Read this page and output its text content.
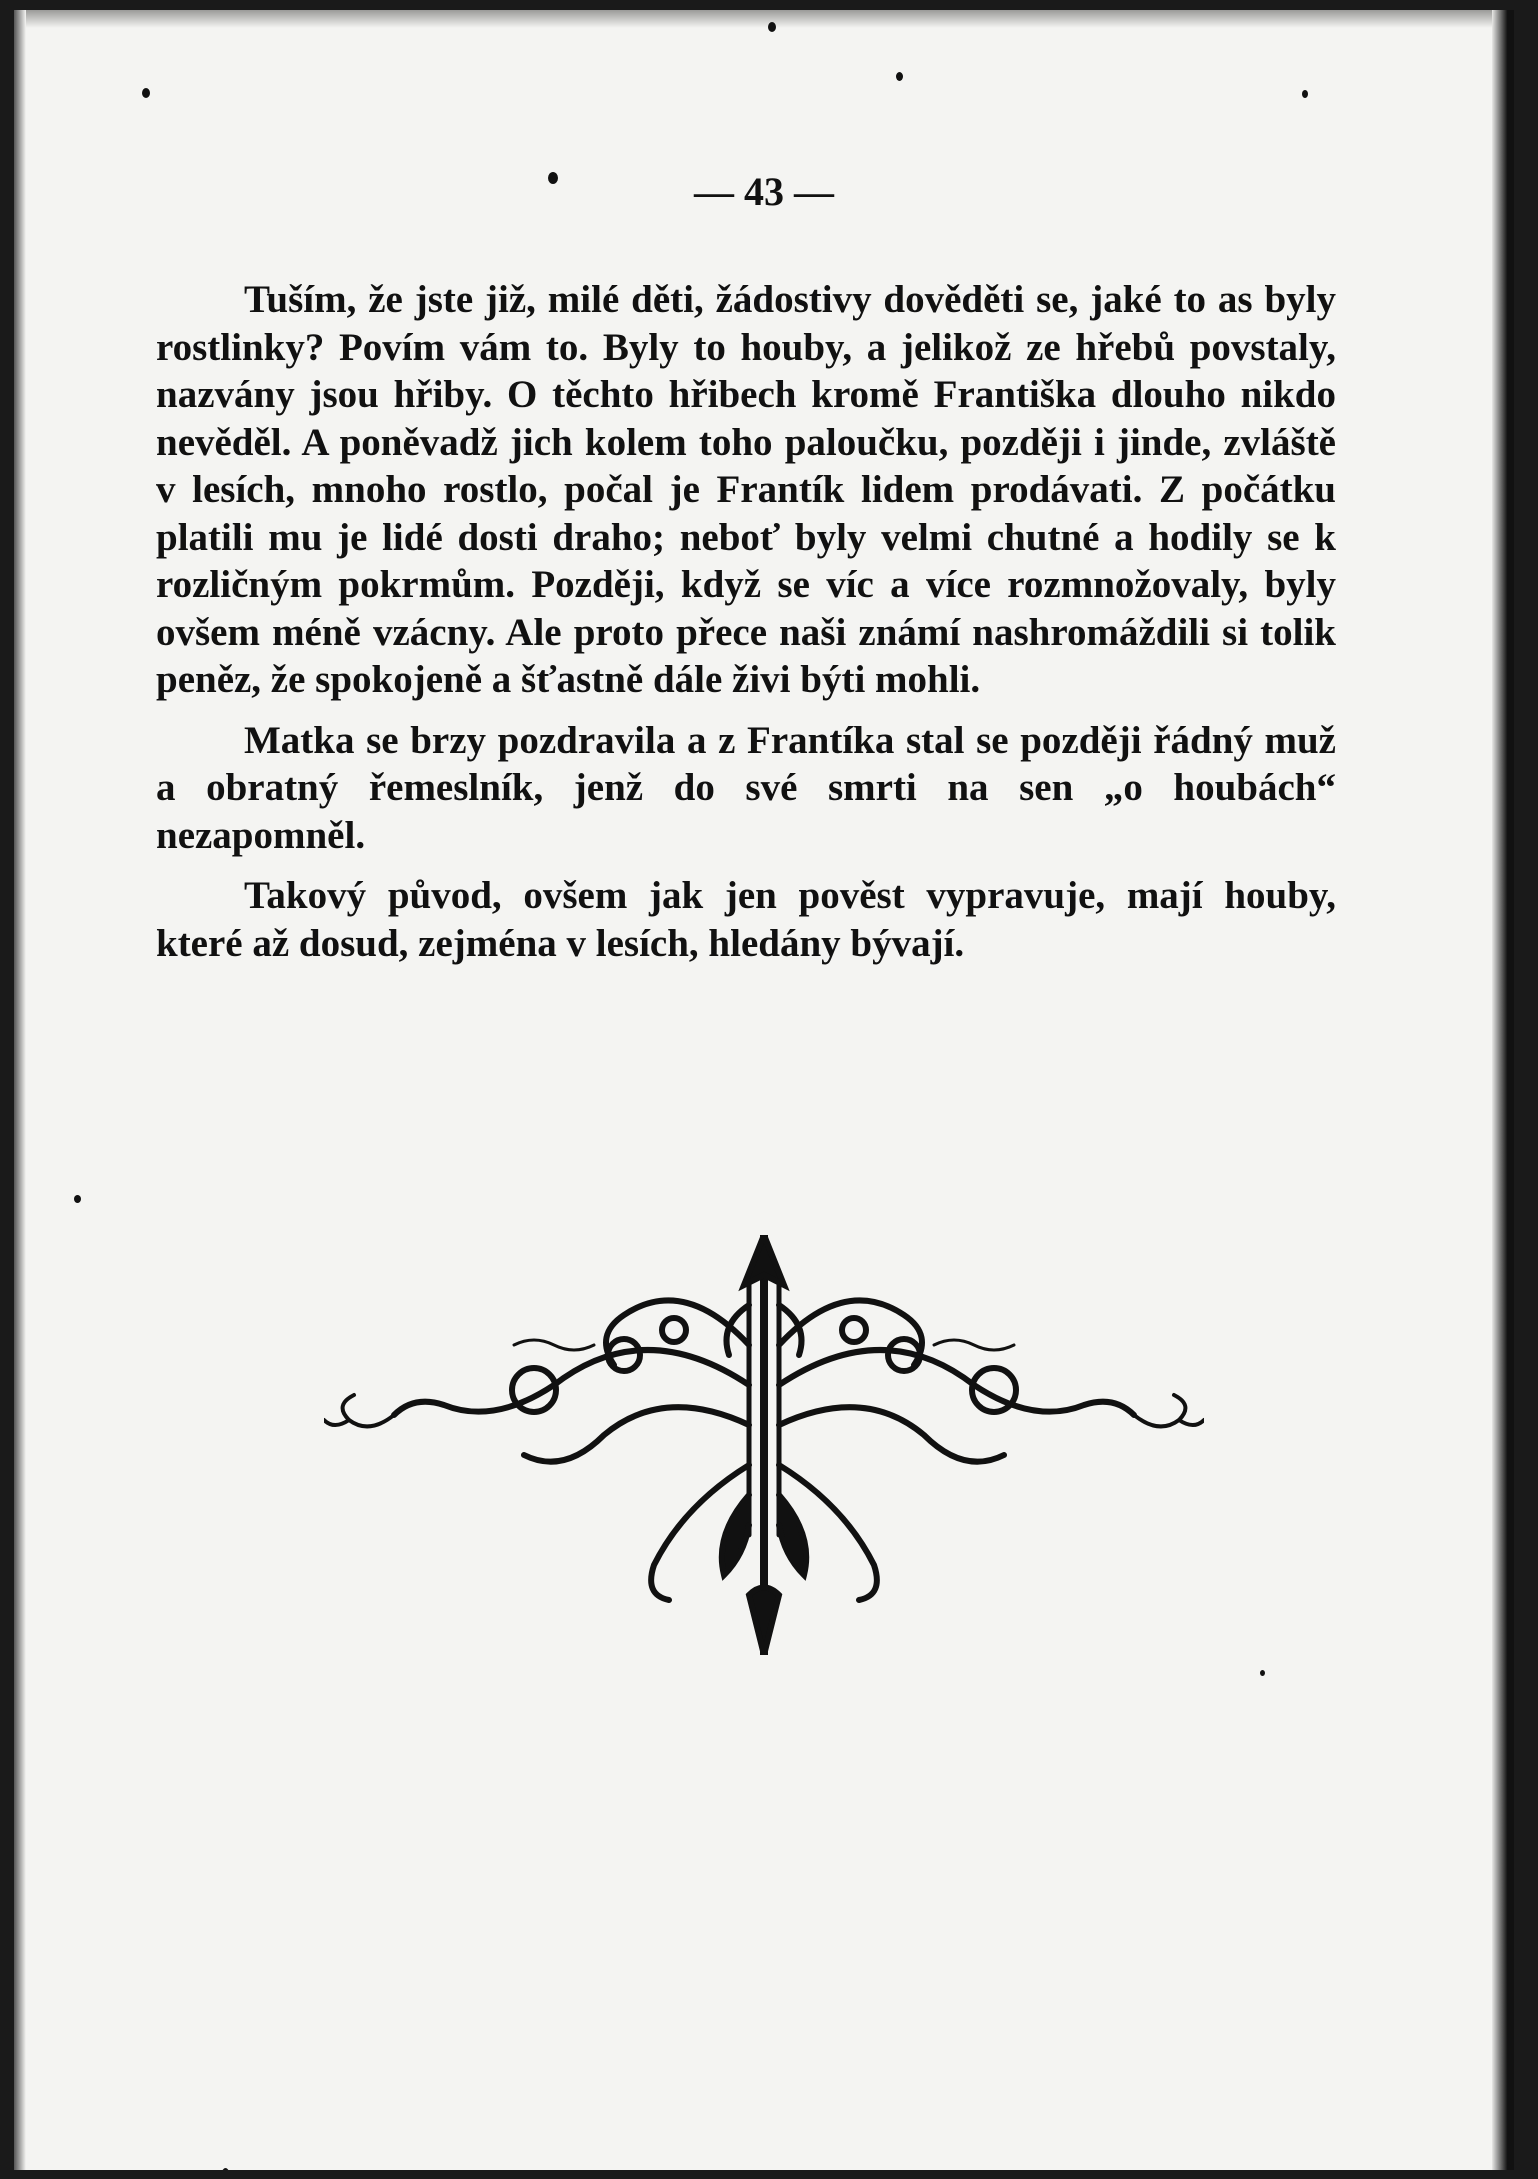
— 43 —

Tuším, že jste již, milé děti, žádostivy dověděti se, jaké to as byly rostlinky? Povím vám to. Byly to houby, a jelikož ze hřebů povstaly, nazvány jsou hřiby. O těchto hřibech kromě Františka dlouho nikdo nevěděl. A poněvadž jich kolem toho paloučku, později i jinde, zvláště v lesích, mnoho rostlo, počal je Frantík lidem prodávati. Z počátku platili mu je lidé dosti draho; neboť byly velmi chutné a hodily se k rozličným pokrmům. Později, když se víc a více rozmnožovaly, byly ovšem méně vzácny. Ale proto přece naši známí nashromáždili si tolik peněz, že spokojeně a šťastně dále živi býti mohli.

Matka se brzy pozdravila a z Frantíka stal se později řádný muž a obratný řemeslník, jenž do své smrti na sen „o houbách“ nezapomněl.

Takový původ, ovšem jak jen pověst vypravuje, mají houby, které až dosud, zejména v lesích, hledány bývají.
